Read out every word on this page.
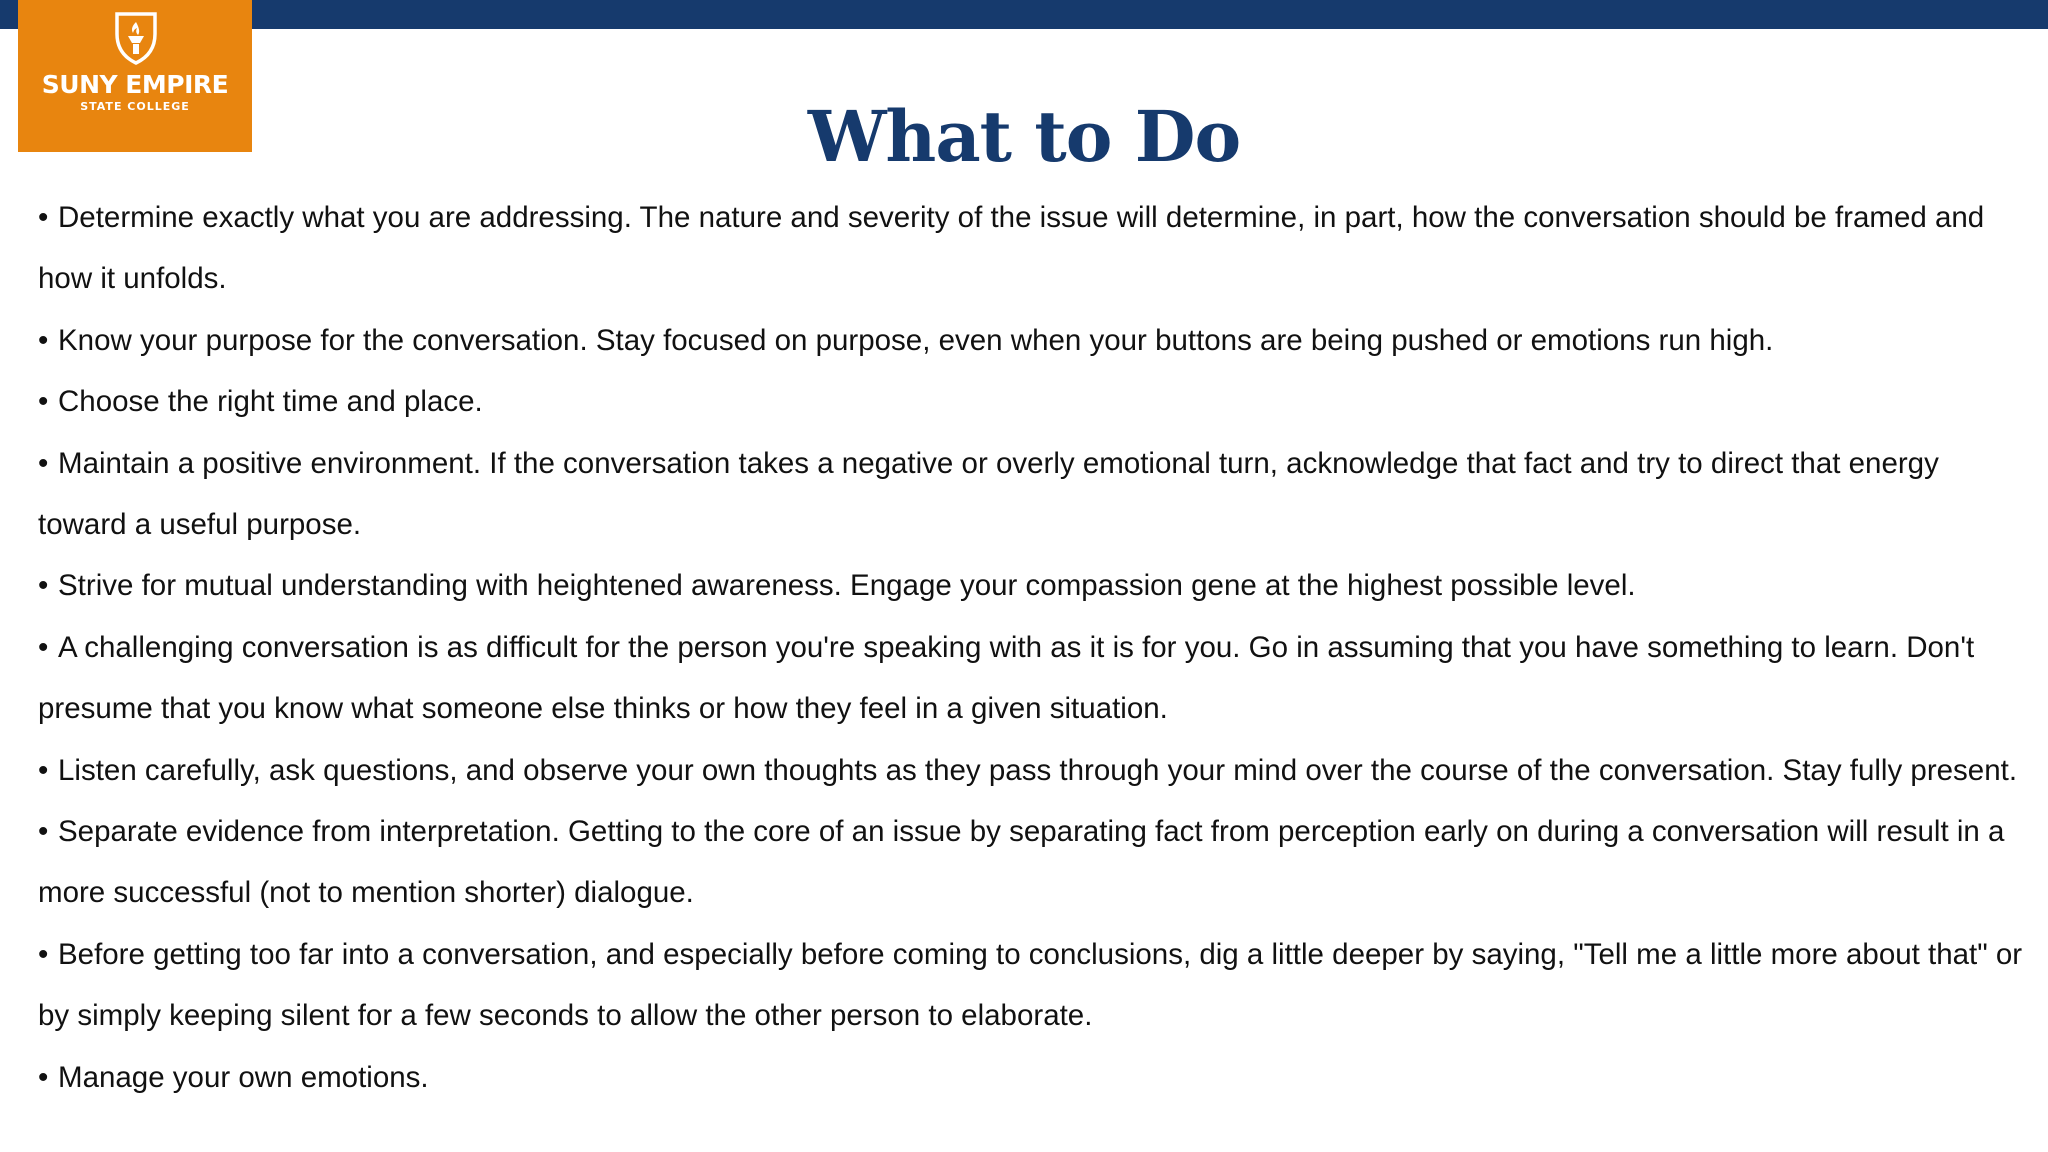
SUNY EMPIRE
STATE COLLEGE	What to Do
• Determine exactly what you are addressing. The nature and severity of the issue will determine, in part, how the conversation should be framed and how it unfolds.
• Know your purpose for the conversation. Stay focused on purpose, even when your buttons are being pushed or emotions run high.
• Choose the right time and place.
• Maintain a positive environment. If the conversation takes a negative or overly emotional turn, acknowledge that fact and try to direct that energy toward a useful purpose.
• Strive for mutual understanding with heightened awareness. Engage your compassion gene at the highest possible level.
• A challenging conversation is as difficult for the person you're speaking with as it is for you. Go in assuming that you have something to learn. Don't presume that you know what someone else thinks or how they feel in a given situation.
• Listen carefully, ask questions, and observe your own thoughts as they pass through your mind over the course of the conversation. Stay fully present.
• Separate evidence from interpretation. Getting to the core of an issue by separating fact from perception early on during a conversation will result in a more successful (not to mention shorter) dialogue.
• Before getting too far into a conversation, and especially before coming to conclusions, dig a little deeper by saying, "Tell me a little more about that" or by simply keeping silent for a few seconds to allow the other person to elaborate.
• Manage your own emotions.
